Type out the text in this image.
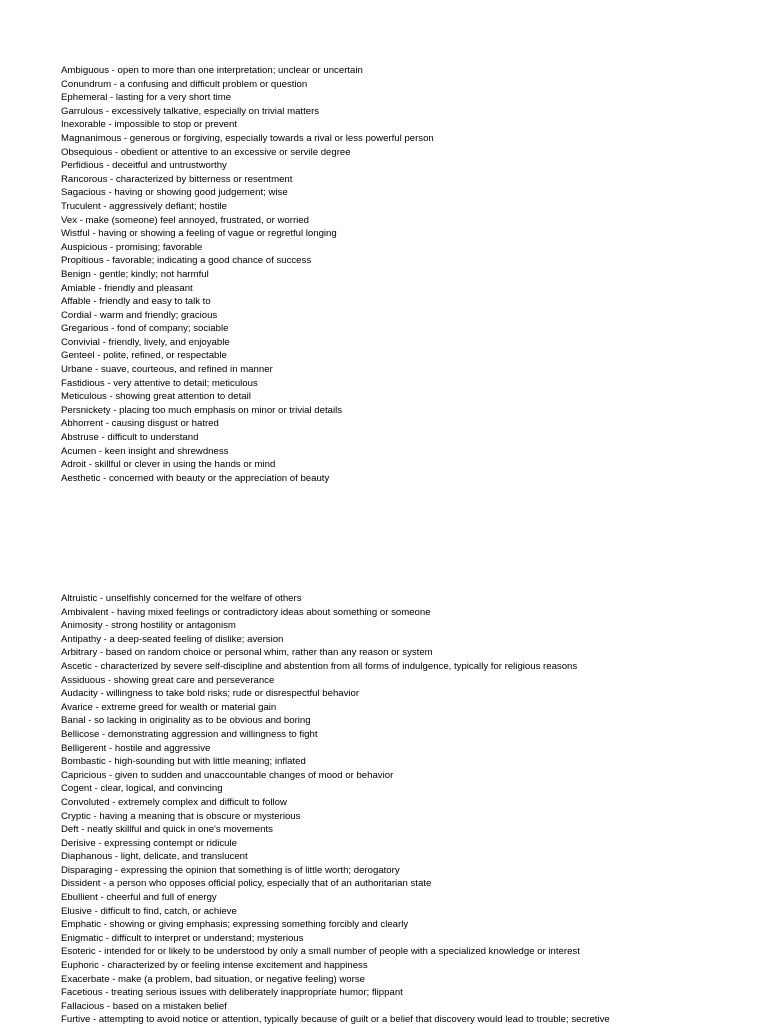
Ambiguous - open to more than one interpretation; unclear or uncertain
Conundrum - a confusing and difficult problem or question
Ephemeral - lasting for a very short time
Garrulous - excessively talkative, especially on trivial matters
Inexorable - impossible to stop or prevent
Magnanimous - generous or forgiving, especially towards a rival or less powerful person
Obsequious - obedient or attentive to an excessive or servile degree
Perfidious - deceitful and untrustworthy
Rancorous - characterized by bitterness or resentment
Sagacious - having or showing good judgement; wise
Truculent - aggressively defiant; hostile
Vex - make (someone) feel annoyed, frustrated, or worried
Wistful - having or showing a feeling of vague or regretful longing
Auspicious - promising; favorable
Propitious - favorable; indicating a good chance of success
Benign - gentle; kindly; not harmful
Amiable - friendly and pleasant
Affable - friendly and easy to talk to
Cordial - warm and friendly; gracious
Gregarious - fond of company; sociable
Convivial - friendly, lively, and enjoyable
Genteel - polite, refined, or respectable
Urbane - suave, courteous, and refined in manner
Fastidious - very attentive to detail; meticulous
Meticulous - showing great attention to detail
Persnickety - placing too much emphasis on minor or trivial details
Abhorrent - causing disgust or hatred
Abstruse - difficult to understand
Acumen - keen insight and shrewdness
Adroit - skillful or clever in using the hands or mind
Aesthetic - concerned with beauty or the appreciation of beauty
Altruistic - unselfishly concerned for the welfare of others
Ambivalent - having mixed feelings or contradictory ideas about something or someone
Animosity - strong hostility or antagonism
Antipathy - a deep-seated feeling of dislike; aversion
Arbitrary - based on random choice or personal whim, rather than any reason or system
Ascetic - characterized by severe self-discipline and abstention from all forms of indulgence, typically for religious reasons
Assiduous - showing great care and perseverance
Audacity - willingness to take bold risks; rude or disrespectful behavior
Avarice - extreme greed for wealth or material gain
Banal - so lacking in originality as to be obvious and boring
Bellicose - demonstrating aggression and willingness to fight
Belligerent - hostile and aggressive
Bombastic - high-sounding but with little meaning; inflated
Capricious - given to sudden and unaccountable changes of mood or behavior
Cogent - clear, logical, and convincing
Convoluted - extremely complex and difficult to follow
Cryptic - having a meaning that is obscure or mysterious
Deft - neatly skillful and quick in one's movements
Derisive - expressing contempt or ridicule
Diaphanous - light, delicate, and translucent
Disparaging - expressing the opinion that something is of little worth; derogatory
Dissident - a person who opposes official policy, especially that of an authoritarian state
Ebullient - cheerful and full of energy
Elusive - difficult to find, catch, or achieve
Emphatic - showing or giving emphasis; expressing something forcibly and clearly
Enigmatic - difficult to interpret or understand; mysterious
Esoteric - intended for or likely to be understood by only a small number of people with a specialized knowledge or interest
Euphoric - characterized by or feeling intense excitement and happiness
Exacerbate - make (a problem, bad situation, or negative feeling) worse
Facetious - treating serious issues with deliberately inappropriate humor; flippant
Fallacious - based on a mistaken belief
Furtive - attempting to avoid notice or attention, typically because of guilt or a belief that discovery would lead to trouble; secretive
